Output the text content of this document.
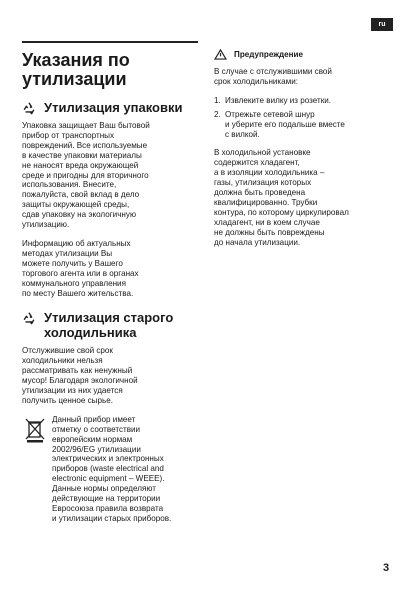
ru
Указания по утилизации
Утилизация упаковки

Упаковка защищает Ваш бытовой
прибор от транспортных
повреждений. Все используемые
в качестве упаковки материалы
не наносят вреда окружающей
среде и пригодны для вторичного
использования. Внесите,
пожалуйста, свой вклад в дело
защиты окружающей среды,
сдав упаковку на экологичную
утилизацию.

Информацию об актуальных
методах утилизации Вы
можете получить у Вашего
торгового агента или в органах
коммунального управления
по месту Вашего жительства.

Утилизация старого холодильника

Отслужившие свой срок
холодильники нельзя
рассматривать как ненужный
мусор! Благодаря экологичной
утилизации из них удается
получить ценное сырье.

Данный прибор имеет
отметку о соответствии
европейским нормам
2002/96/EG утилизации
электрических и электронных
приборов (waste electrical and
electronic equipment – WEEE).
Данные нормы определяют
действующие на территории
Евросоюза правила возврата
и утилизации старых приборов.

Предупреждение

В случае с отслужившими свой
срок холодильниками:

1. Извлеките вилку из розетки.
2. Отрежьте сетевой шнур
и уберите его подальше вместе
с вилкой.

В холодильной установке
содержится хладагент,
а в изоляции холодильника –
газы, утилизация которых
должна быть проведена
квалифицированно. Трубки
контура, по которому циркулировал
хладагент, ни в коем случае
не должны быть повреждены
до начала утилизации.

3
